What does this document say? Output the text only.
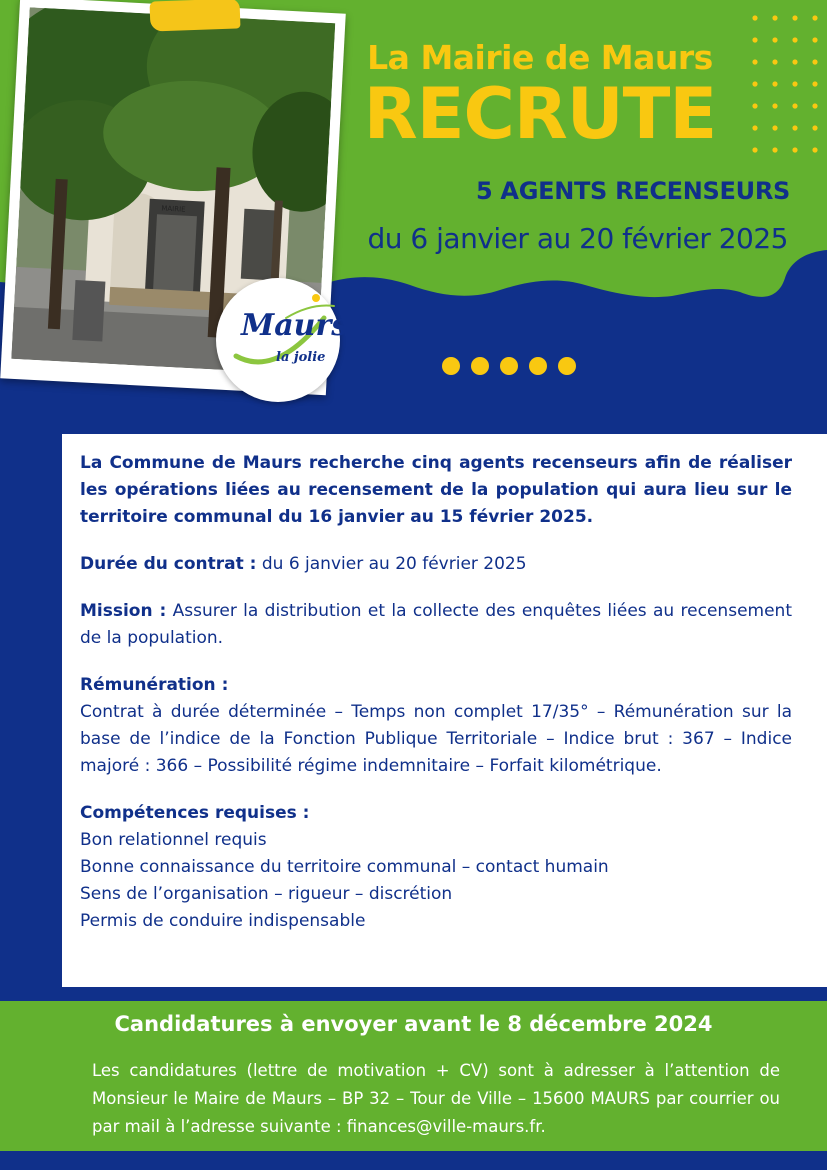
MAIRIE
La Mairie de Maurs
RECRUTE
5 AGENTS RECENSEURS
du 6 janvier au 20 février 2025
Maurs
la jolie

La Commune de Maurs recherche cinq agents recenseurs afin de réaliser les opérations liées au recensement de la population qui aura lieu sur le territoire communal du 16 janvier au 15 février 2025.

Durée du contrat : du 6 janvier au 20 février 2025

Mission : Assurer la distribution et la collecte des enquêtes liées au recensement de la population.

Rémunération :
Contrat à durée déterminée – Temps non complet 17/35° – Rémunération sur la base de l’indice de la Fonction Publique Territoriale – Indice brut : 367 – Indice majoré : 366 – Possibilité régime indemnitaire – Forfait kilométrique.
Compétences requises :
Bon relationnel requis
Bonne connaissance du territoire communal – contact humain
Sens de l’organisation – rigueur – discrétion
Permis de conduire indispensable
Candidatures à envoyer avant le 8 décembre 2024
Les candidatures (lettre de motivation + CV) sont à adresser à l’attention de Monsieur le Maire de Maurs – BP 32 – Tour de Ville – 15600 MAURS par courrier ou par mail à l’adresse suivante : finances@ville-maurs.fr.
